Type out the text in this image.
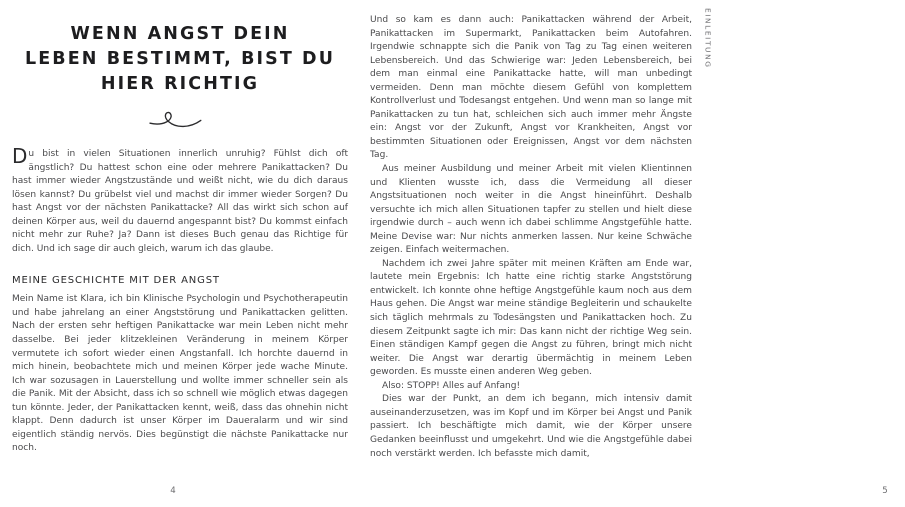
WENN ANGST DEIN
LEBEN BESTIMMT, BIST DU
HIER RICHTIG

Du bist in vielen Situationen innerlich unruhig? Fühlst dich oft ängstlich? Du hattest schon eine oder mehrere Panikattacken? Du hast immer wieder Angstzustände und weißt nicht, wie du dich daraus lösen kannst? Du grübelst viel und machst dir immer wieder Sorgen? Du hast Angst vor der nächsten Panikattacke? All das wirkt sich schon auf deinen Körper aus, weil du dauernd angespannt bist? Du kommst einfach nicht mehr zur Ruhe? Ja? Dann ist dieses Buch genau das Richtige für dich. Und ich sage dir auch gleich, warum ich das glaube.

MEINE GESCHICHTE MIT DER ANGST

Mein Name ist Klara, ich bin Klinische Psychologin und Psychotherapeutin und habe jahrelang an einer Angststörung und Panikattacken gelitten. Nach der ersten sehr heftigen Panikattacke war mein Leben nicht mehr dasselbe. Bei jeder klitzekleinen Veränderung in meinem Körper vermutete ich sofort wieder einen Angstanfall. Ich horchte dauernd in mich hinein, beobachtete mich und meinen Körper jede wache Minute. Ich war sozusagen in Lauerstellung und wollte immer schneller sein als die Panik. Mit der Absicht, dass ich so schnell wie möglich etwas dagegen tun könnte. Jeder, der Panikattacken kennt, weiß, dass das ohnehin nicht klappt. Denn dadurch ist unser Körper im Daueralarm und wir sind eigentlich ständig nervös. Dies begünstigt die nächste Panikattacke nur noch.

4

Und so kam es dann auch: Panikattacken während der Arbeit, Panikattacken im Supermarkt, Panikattacken beim Autofahren. Irgendwie schnappte sich die Panik von Tag zu Tag einen weiteren Lebensbereich. Und das Schwierige war: Jeden Lebensbereich, bei dem man einmal eine Panikattacke hatte, will man unbedingt vermeiden. Denn man möchte diesem Gefühl von komplettem Kontrollverlust und Todesangst entgehen. Und wenn man so lange mit Panikattacken zu tun hat, schleichen sich auch immer mehr Ängste ein: Angst vor der Zukunft, Angst vor Krankheiten, Angst vor bestimmten Situationen oder Ereignissen, Angst vor dem nächsten Tag.

Aus meiner Ausbildung und meiner Arbeit mit vielen Klientinnen und Klienten wusste ich, dass die Vermeidung all dieser Angstsituationen noch weiter in die Angst hineinführt. Deshalb versuchte ich mich allen Situationen tapfer zu stellen und hielt diese irgendwie durch – auch wenn ich dabei schlimme Angstgefühle hatte. Meine Devise war: Nur nichts anmerken lassen. Nur keine Schwäche zeigen. Einfach weitermachen.

Nachdem ich zwei Jahre später mit meinen Kräften am Ende war, lautete mein Ergebnis: Ich hatte eine richtig starke Angststörung entwickelt. Ich konnte ohne heftige Angstgefühle kaum noch aus dem Haus gehen. Die Angst war meine ständige Begleiterin und schaukelte sich täglich mehrmals zu Todesängsten und Panikattacken hoch. Zu diesem Zeitpunkt sagte ich mir: Das kann nicht der richtige Weg sein. Einen ständigen Kampf gegen die Angst zu führen, bringt mich nicht weiter. Die Angst war derartig übermächtig in meinem Leben geworden. Es musste einen anderen Weg geben.

Also: STOPP! Alles auf Anfang!

Dies war der Punkt, an dem ich begann, mich intensiv damit auseinanderzusetzen, was im Kopf und im Körper bei Angst und Panik passiert. Ich beschäftigte mich damit, wie der Körper unsere Gedanken beeinflusst und umgekehrt. Und wie die Angstgefühle dabei noch verstärkt werden. Ich befasste mich damit,

5
EINLEITUNG
